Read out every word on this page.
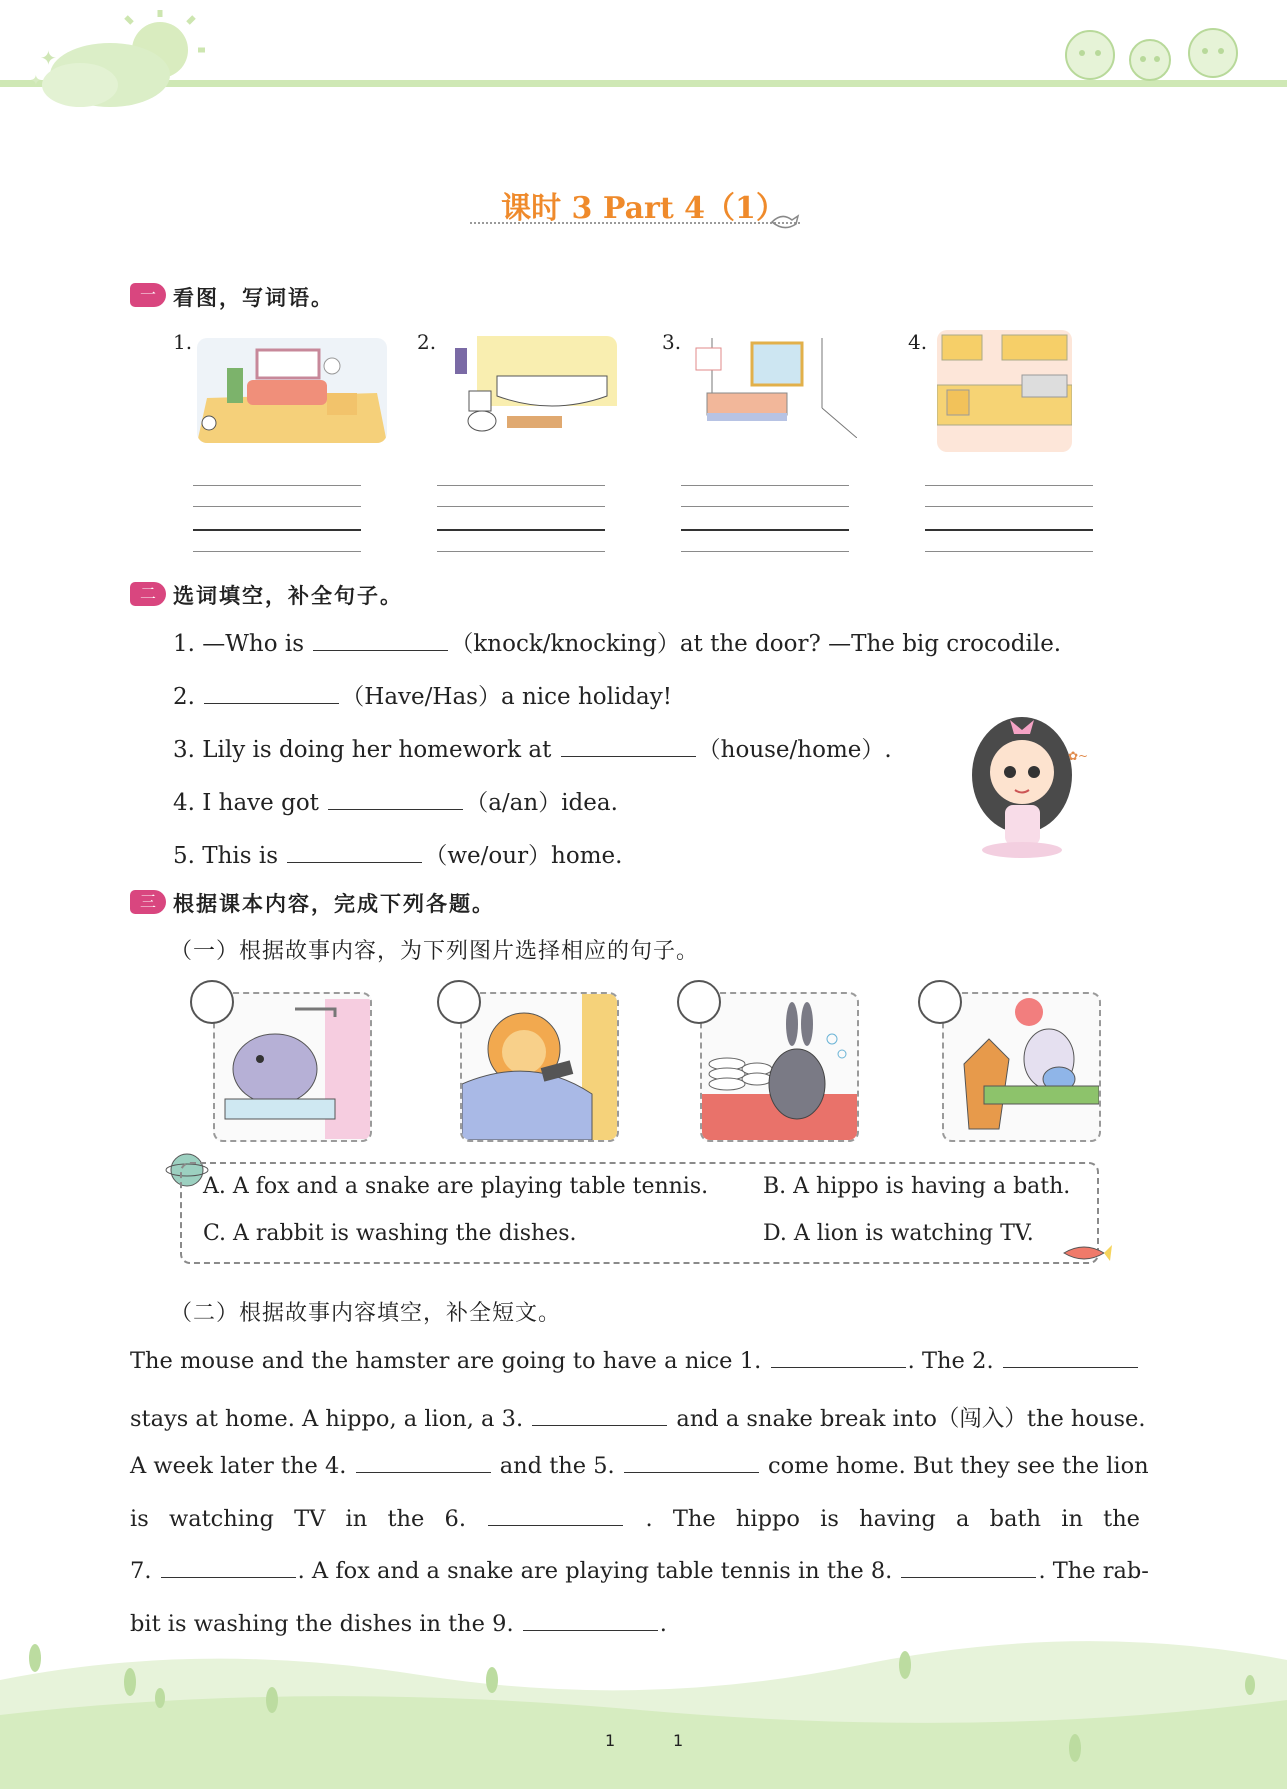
✦
✦
课时 3 Part 4（1）
一 看图，写词语。
1.	2.	3.	4.
二 选词填空，补全句子。
1. —Who is	（knock/knocking）at the door? —The big crocodile.
2.	（Have/Has）a nice holiday!
3. Lily is doing her homework at	（house/home）.
4. I have got	（a/an）idea.
5. This is	（we/our）home.
✿~
三 根据课本内容，完成下列各题。
（一）根据故事内容，为下列图片选择相应的句子。
A. A fox and a snake are playing table tennis. B. A hippo is having a bath.
C. A rabbit is washing the dishes.	D. A lion is watching TV.
（二）根据故事内容填空，补全短文。
The mouse and the hamster are going to have a nice 1.	. The 2.
stays at home. A hippo, a lion, a 3.	and a snake break into（闯入）the house.
A week later the 4.	and the 5.	come home. But they see the lion
is watching TV in the 6.	. The hippo is having a bath in the
7.	. A fox and a snake are playing table tennis in the 8.	. The rab-
bit is washing the dishes in the 9.	.
1	1
